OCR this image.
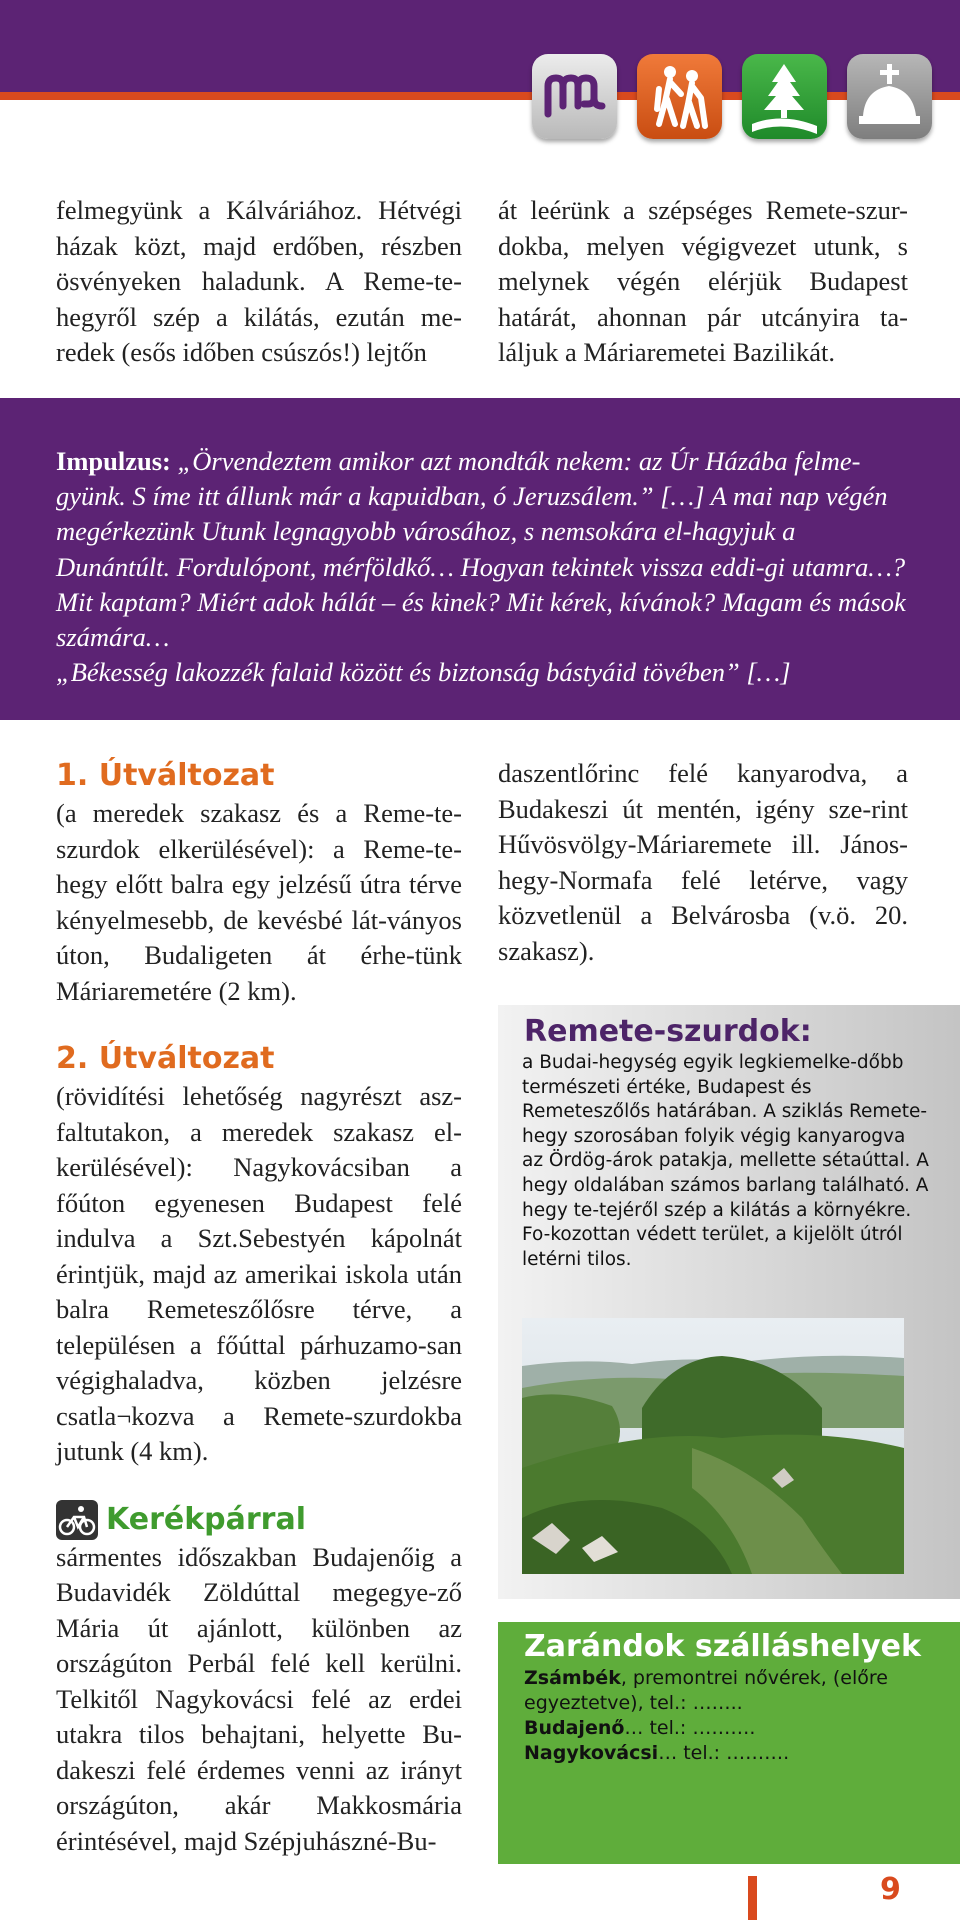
felmegyünk a Kálváriához. Hétvégi házak közt, majd erdőben, részben ösvényeken haladunk. A Reme-te-hegyről szép a kilátás, ezután me-redek (esős időben csúszós!) lejtőn
át leérünk a szépséges Remete-szur-dokba, melyen végigvezet utunk, s melynek végén elérjük Budapest határát, ahonnan pár utcányira ta-láljuk a Máriaremetei Bazilikát.
Impulzus: „Örvendeztem amikor azt mondták nekem: az Úr Házába felme-gyünk. S íme itt állunk már a kapuidban, ó Jeruzsálem.” […] A mai nap végén megérkezünk Utunk legnagyobb városához, s nemsokára el-hagyjuk a Dunántúlt. Fordulópont, mérföldkő… Hogyan tekintek vissza eddi-gi utamra…? Mit kaptam? Miért adok hálát – és kinek? Mit kérek, kívánok? Magam és mások számára…
„Békesség lakozzék falaid között és biztonság bástyáid tövében” […]
1. Útváltozat
(a meredek szakasz és a Reme-te-szurdok elkerülésével): a Reme-te-hegy előtt balra egy jelzésű útra térve kényelmesebb, de kevésbé lát-ványos úton, Budaligeten át érhe-tünk Máriaremetére (2 km).
2. Útváltozat
(rövidítési lehetőség nagyrészt asz-faltutakon, a meredek szakasz el-kerülésével): Nagykovácsiban a főúton egyenesen Budapest felé indulva a Szt.Sebestyén kápolnát érintjük, majd az amerikai iskola után balra Remeteszőlősre térve, a településen a főúttal párhuzamo-san végighaladva, közben jelzésre csatla¬kozva a Remete-szurdokba jutunk (4 km).
Kerékpárral
sármentes időszakban Budajenőig a Budavidék Zöldúttal megegye-ző Mária út ajánlott, különben az országúton Perbál felé kell kerülni. Telkitől Nagykovácsi felé az erdei utakra tilos behajtani, helyette Bu-dakeszi felé érdemes venni az irányt országúton, akár Makkosmária érintésével, majd Szépjuhászné-Bu-
daszentlőrinc felé kanyarodva, a Budakeszi út mentén, igény sze-rint Hűvösvölgy-Máriaremete ill. János-hegy-Normafa felé letérve, vagy közvetlenül a Belvárosba (v.ö. 20. szakasz).
Remete-szurdok:
a Budai-hegység egyik legkiemelke-dőbb természeti értéke, Budapest és Remeteszőlős határában. A sziklás Remete-hegy szorosában folyik végig kanyarogva az Ördög-árok patakja, mellette sétaúttal. A hegy oldalában számos barlang található. A hegy te-tejéről szép a kilátás a környékre. Fo-kozottan védett terület, a kijelölt útról letérni tilos.
Zarándok szálláshelyek
Zsámbék, premontrei nővérek, (előre egyeztetve), tel.: ……..
Budajenő… tel.: ……….
Nagykovácsi… tel.: ……….
9
